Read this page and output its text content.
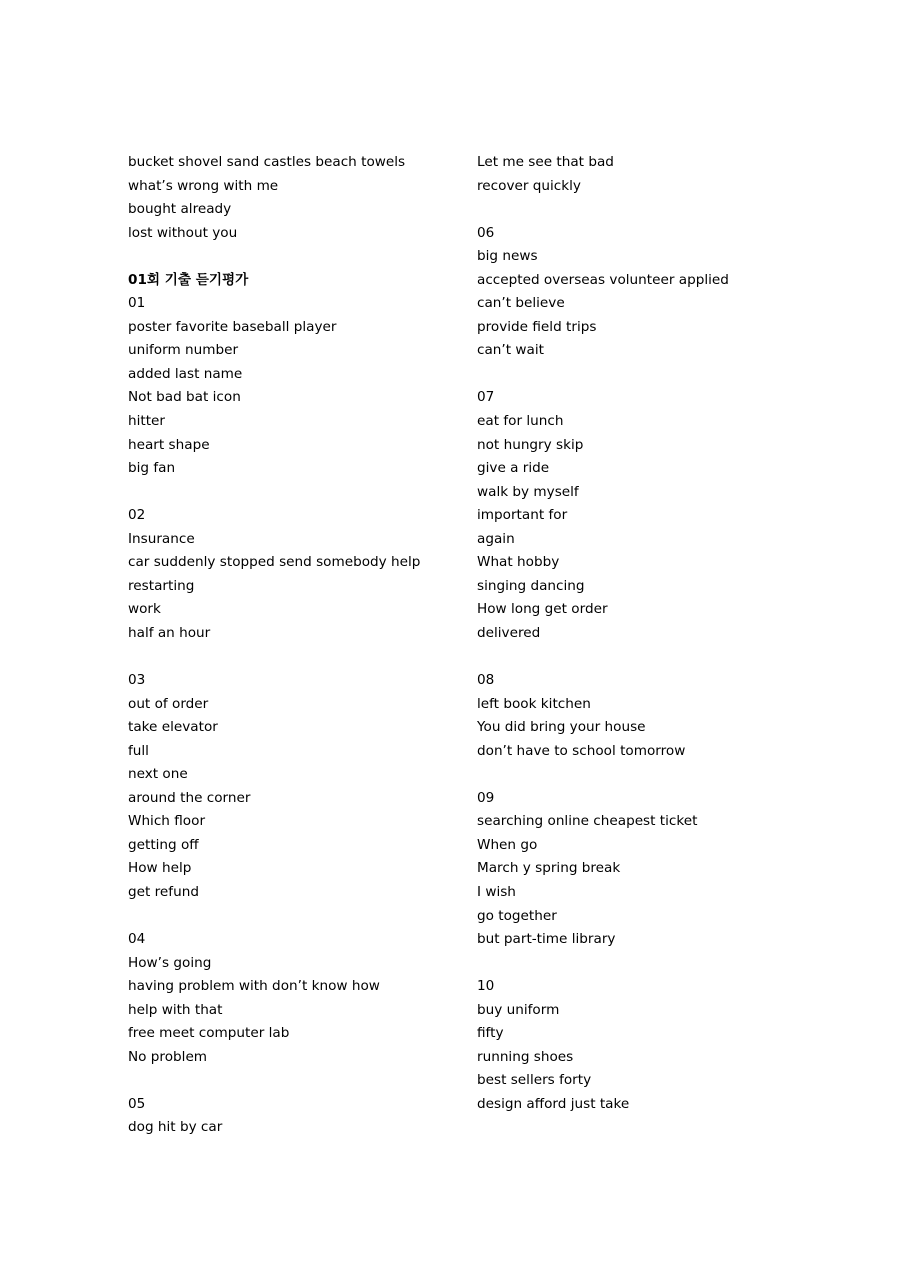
bucket shovel sand castles beach towels
what’s wrong with me
bought already
lost without you
01회 기출 듣기평가
01
poster favorite baseball player
uniform number
added last name
Not bad bat icon
hitter
heart shape
big fan
02
Insurance
car suddenly stopped send somebody help
restarting
work
half an hour
03
out of order
take elevator
full
next one
around the corner
Which floor
getting off
How help
get refund
04
How’s going
having problem with don’t know how
help with that
free meet computer lab
No problem
05
dog hit by car
Let me see that bad
recover quickly
06
big news
accepted overseas volunteer applied
can’t believe
provide field trips
can’t wait
07
eat for lunch
not hungry skip
give a ride
walk by myself
important for
again
What hobby
singing dancing
How long get order
delivered
08
left book kitchen
You did bring your house
don’t have to school tomorrow
09
searching online cheapest ticket
When go
March y spring break
I wish
go together
but part-time library
10
buy uniform
fifty
running shoes
best sellers forty
design afford just take
